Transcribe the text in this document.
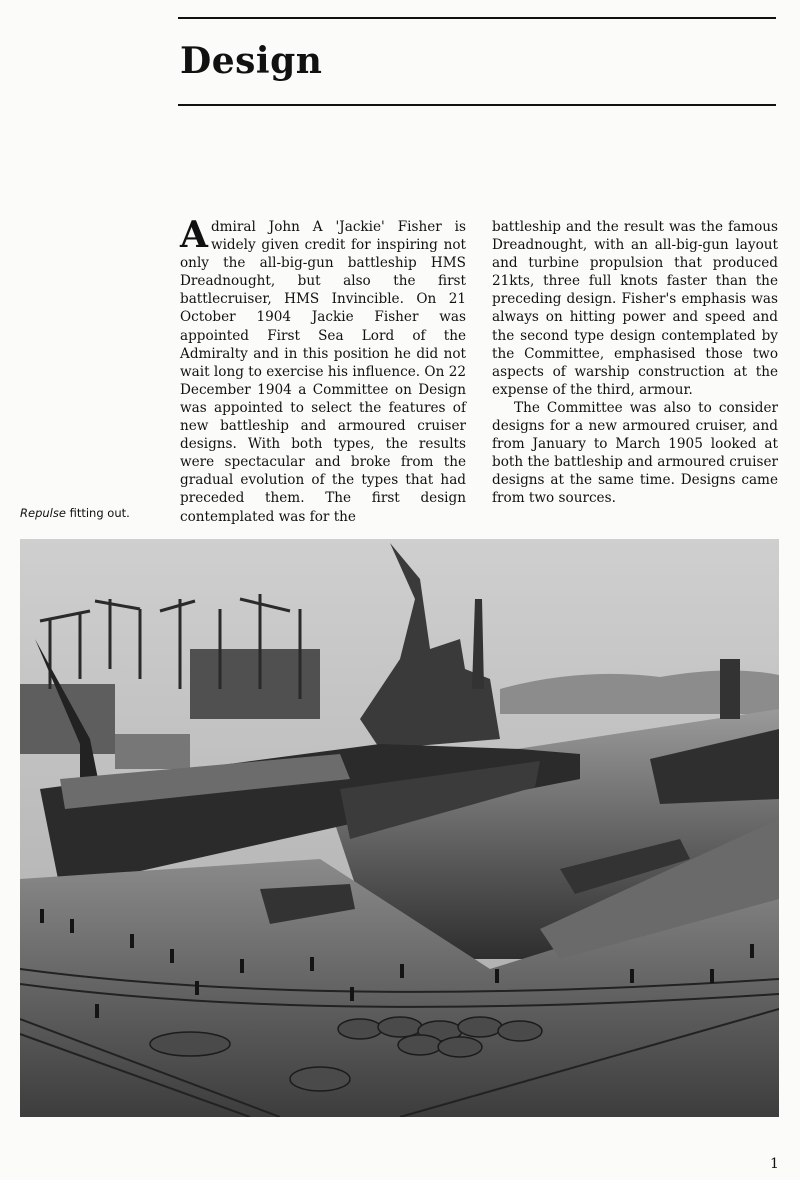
Design

Admiral John A 'Jackie' Fisher is widely given credit for inspiring not only the all-big-gun battleship HMS Dreadnought, but also the first battlecruiser, HMS Invincible. On 21 October 1904 Jackie Fisher was appointed First Sea Lord of the Admiralty and in this position he did not wait long to exercise his influence. On 22 December 1904 a Committee on Design was appointed to select the features of new battleship and armoured cruiser designs. With both types, the results were spectacular and broke from the gradual evolution of the types that had preceded them. The first design contemplated was for the

battleship and the result was the famous Dreadnought, with an all-big-gun layout and turbine propulsion that produced 21kts, three full knots faster than the preceding design. Fisher's emphasis was always on hitting power and speed and the second type design contemplated by the Committee, emphasised those two aspects of warship construction at the expense of the third, armour.

The Committee was also to consider designs for a new armoured cruiser, and from January to March 1905 looked at both the battleship and armoured cruiser designs at the same time. Designs came from two sources.

Repulse fitting out.
1
